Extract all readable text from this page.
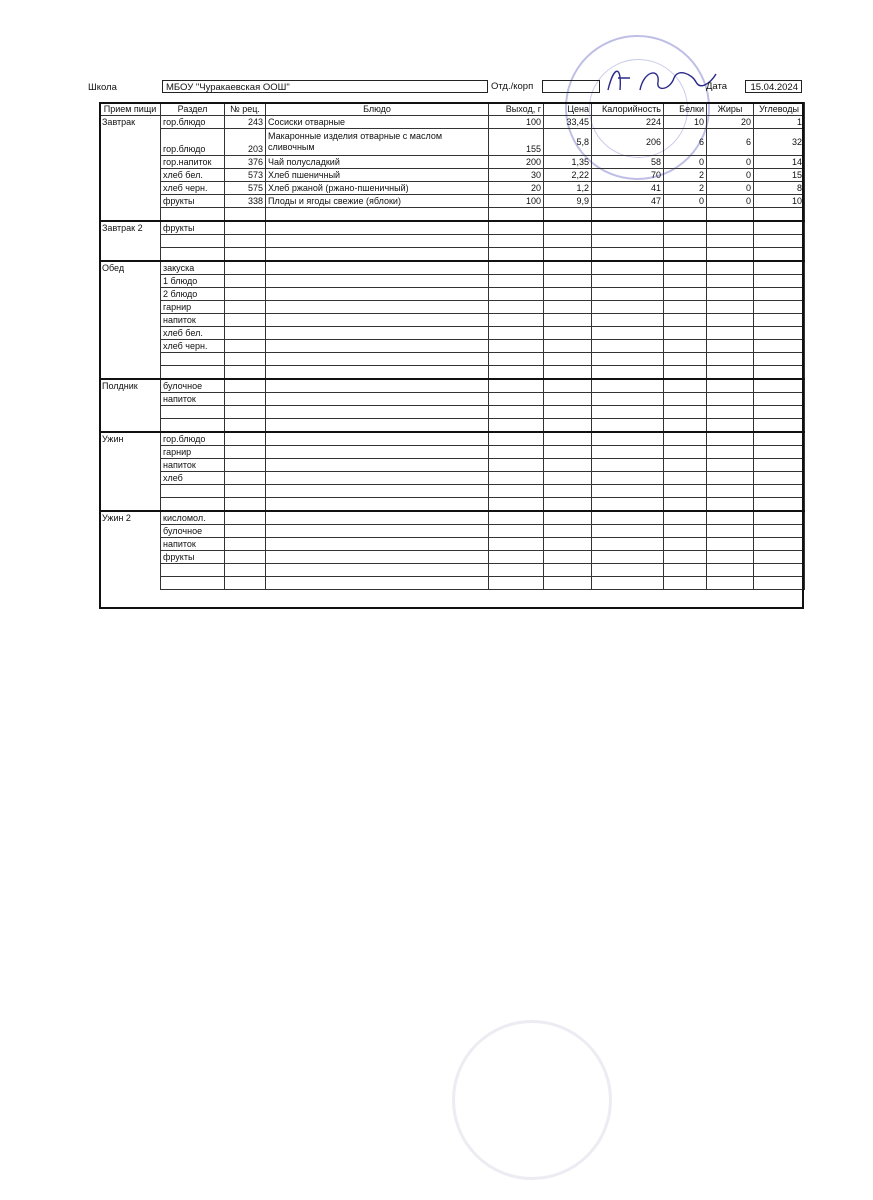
Школа	МБОУ "Чуракаевская ООШ"	Отд./корп	Дата	15.04.2024
Прием пищи	Раздел	№ рец.	Блюдо	Выход, г	Цена	Калорийность	Белки	Жиры	Углеводы
Завтрак	гор.блюдо	243	Сосиски отварные	100	33,45	224	10	20	1
	гор.блюдо	203	Макаронные изделия отварные с маслом сливочным	155	5,8	206	6	6	32
	гор.напиток	376	Чай полусладкий	200	1,35	58	0	0	14
	хлеб бел.	573	Хлеб пшеничный	30	2,22	70	2	0	15
	хлеб черн.	575	Хлеб ржаной (ржано-пшеничный)	20	1,2	41	2	0	8
	фрукты	338	Плоды и ягоды свежие (яблоки)	100	9,9	47	0	0	10

Завтрак 2	фрукты								

Обед	закуска								
	1 блюдо								
	2 блюдо								
	гарнир								
	напиток								
	хлеб бел.								
	хлеб черн.								

Полдник	булочное								
	напиток								

Ужин	гор.блюдо								
	гарнир								
	напиток								
	хлеб								

Ужин 2	кисломол.								
	булочное								
	напиток								
	фрукты								
